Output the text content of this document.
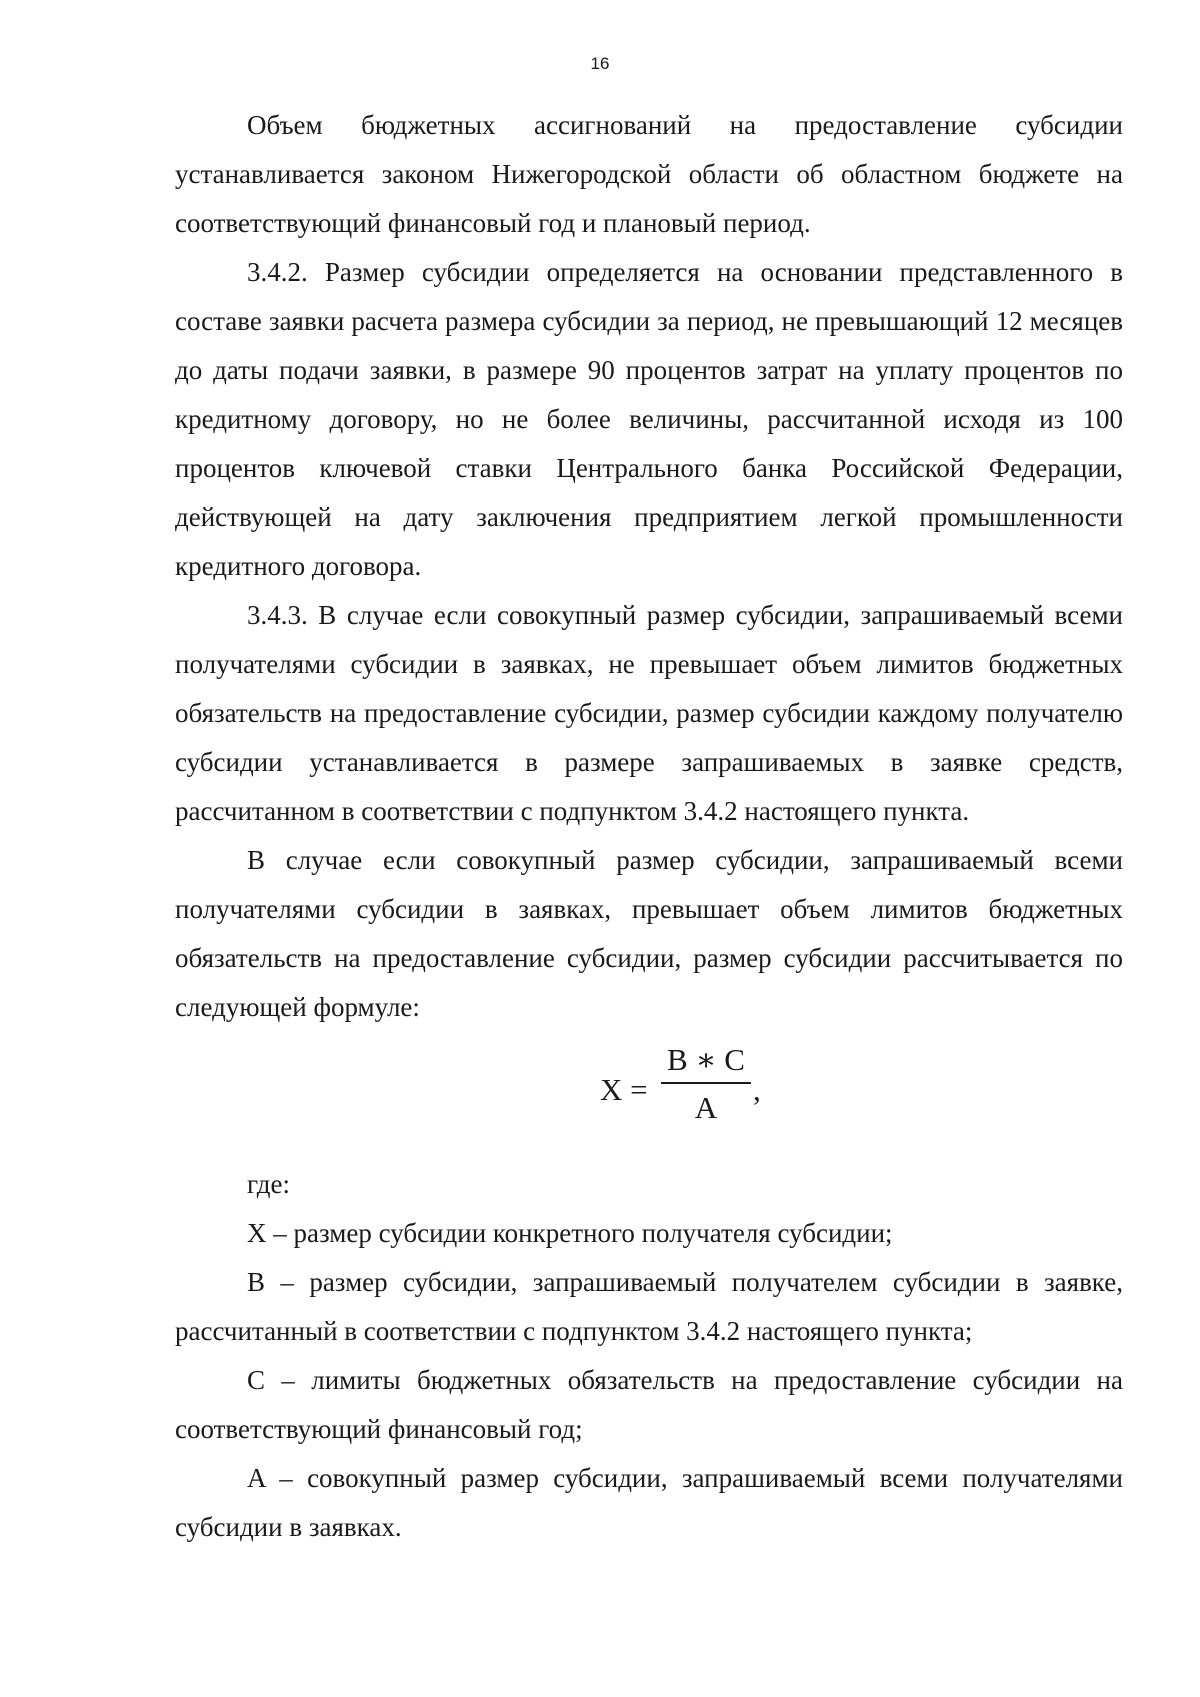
16

Объем бюджетных ассигнований на предоставление субсидии устанавливается законом Нижегородской области об областном бюджете на соответствующий финансовый год и плановый период.

3.4.2. Размер субсидии определяется на основании представленного в составе заявки расчета размера субсидии за период, не превышающий 12 месяцев до даты подачи заявки, в размере 90 процентов затрат на уплату процентов по кредитному договору, но не более величины, рассчитанной исходя из 100 процентов ключевой ставки Центрального банка Российской Федерации, действующей на дату заключения предприятием легкой промышленности кредитного договора.

3.4.3. В случае если совокупный размер субсидии, запрашиваемый всеми получателями субсидии в заявках, не превышает объем лимитов бюджетных обязательств на предоставление субсидии, размер субсидии каждому получателю субсидии устанавливается в размере запрашиваемых в заявке средств, рассчитанном в соответствии с подпунктом 3.4.2 настоящего пункта.

В случае если совокупный размер субсидии, запрашиваемый всеми получателями субсидии в заявках, превышает объем лимитов бюджетных обязательств на предоставление субсидии, размер субсидии рассчитывается по следующей формуле:

X =
B ∗ C
A
,

где:

X – размер субсидии конкретного получателя субсидии;

B – размер субсидии, запрашиваемый получателем субсидии в заявке, рассчитанный в соответствии с подпунктом 3.4.2 настоящего пункта;

C – лимиты бюджетных обязательств на предоставление субсидии на соответствующий финансовый год;

A – совокупный размер субсидии, запрашиваемый всеми получателями субсидии в заявках.
